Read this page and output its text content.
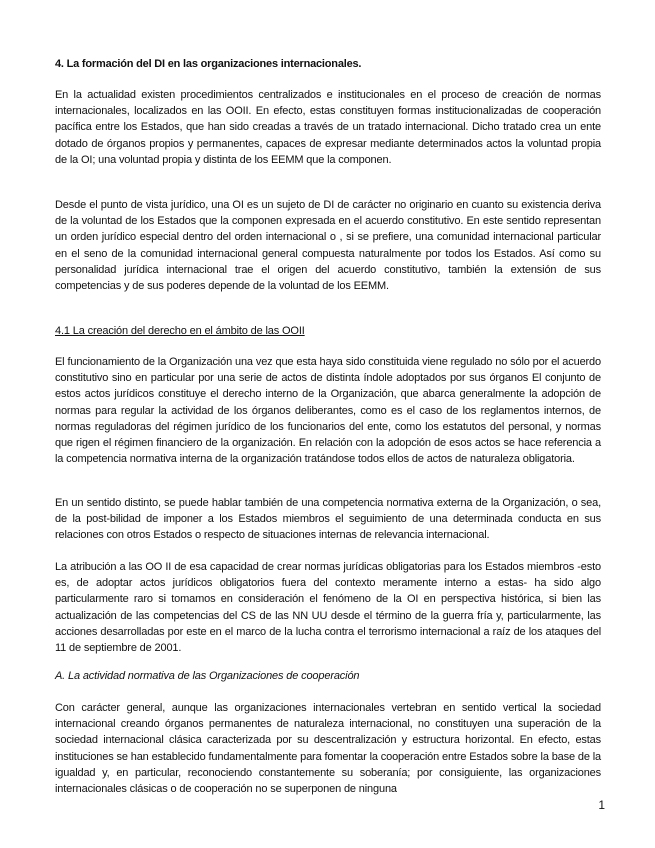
4. La formación del DI en las organizaciones internacionales.

En la actualidad existen procedimientos centralizados e institucionales en el proceso de creación de normas internacionales, localizados en las OOII. En efecto, estas constituyen formas institucionalizadas de cooperación pacífica entre los Estados, que han sido creadas a través de un tratado internacional. Dicho tratado crea un ente dotado de órganos propios y permanentes, capaces de expresar mediante determinados actos la voluntad propia de la OI; una voluntad propia y distinta de los EEMM que la componen.

Desde el punto de vista jurídico, una OI es un sujeto de DI de carácter no originario en cuanto su existencia deriva de la voluntad de los Estados que la componen expresada en el acuerdo constitutivo. En este sentido representan un orden jurídico especial dentro del orden internacional o , si se prefiere, una comunidad internacional particular en el seno de la comunidad internacional general compuesta naturalmente por todos los Estados. Así como su personalidad jurídica internacional trae el origen del acuerdo constitutivo, también la extensión de sus competencias y de sus poderes depende de la voluntad de los EEMM.

4.1 La creación del derecho en el ámbito de las OOII

El funcionamiento de la Organización una vez que esta haya sido constituida viene regulado no sólo por el acuerdo constitutivo sino en particular por una serie de actos de distinta índole adoptados por sus órganos El conjunto de estos actos jurídicos constituye el derecho interno de la Organización, que abarca generalmente la adopción de normas para regular la actividad de los órganos deliberantes, como es el caso de los reglamentos internos, de normas reguladoras del régimen jurídico de los funcionarios del ente, como los estatutos del personal, y normas que rigen el régimen financiero de la organización. En relación con la adopción de esos actos se hace referencia a la competencia normativa interna de la organización tratándose todos ellos de actos de naturaleza obligatoria.

En un sentido distinto, se puede hablar también de una competencia normativa externa de la Organización, o sea, de la post-bilidad de imponer a los Estados miembros el seguimiento de una determinada conducta en sus relaciones con otros Estados o respecto de situaciones internas de relevancia internacional.

La atribución a las OO II de esa capacidad de crear normas jurídicas obligatorias para los Estados miembros -esto es, de adoptar actos jurídicos obligatorios fuera del contexto meramente interno a estas- ha sido algo particularmente raro si tomamos en consideración el fenómeno de la OI en perspectiva histórica, si bien las actualización de las competencias del CS de las NN UU desde el término de la guerra fría y, particularmente, las acciones desarrolladas por este en el marco de la lucha contra el terrorismo internacional a raíz de los ataques del 11 de septiembre de 2001.

A. La actividad normativa de las Organizaciones de cooperación

Con carácter general, aunque las organizaciones internacionales vertebran en sentido vertical la sociedad internacional creando órganos permanentes de naturaleza internacional, no constituyen una superación de la sociedad internacional clásica caracterizada por su descentralización y estructura horizontal. En efecto, estas instituciones se han establecido fundamentalmente para fomentar la cooperación entre Estados sobre la base de la igualdad y, en particular, reconociendo constantemente su soberanía; por consiguiente, las organizaciones internacionales clásicas o de cooperación no se superponen de ninguna

1
